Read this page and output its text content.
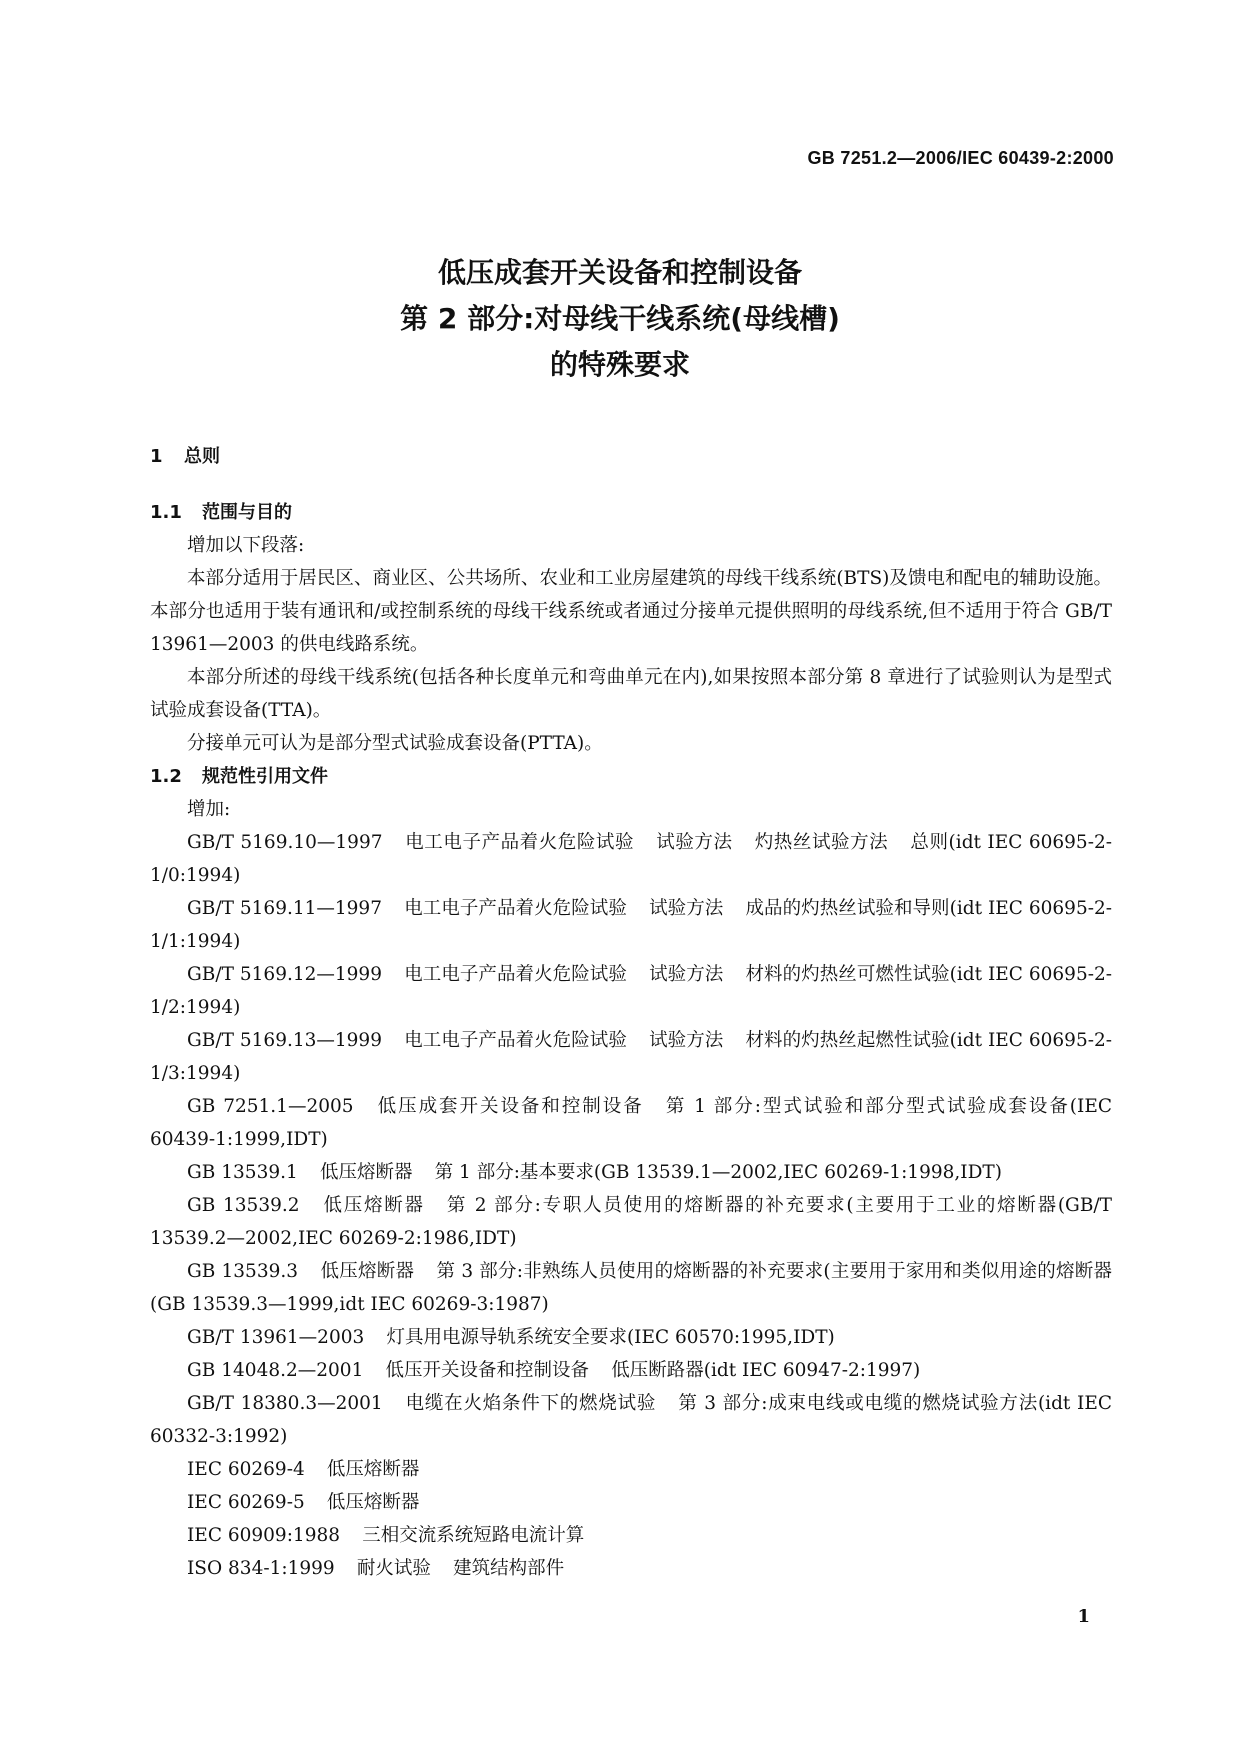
GB 7251.2—2006/IEC 60439-2:2000
低压成套开关设备和控制设备
第 2 部分:对母线干线系统(母线槽)
的特殊要求
1 总则
1.1 范围与目的

增加以下段落:

本部分适用于居民区、商业区、公共场所、农业和工业房屋建筑的母线干线系统(BTS)及馈电和配电的辅助设施。本部分也适用于装有通讯和/或控制系统的母线干线系统或者通过分接单元提供照明的母线系统,但不适用于符合 GB/T 13961—2003 的供电线路系统。

本部分所述的母线干线系统(包括各种长度单元和弯曲单元在内),如果按照本部分第 8 章进行了试验则认为是型式试验成套设备(TTA)。

分接单元可认为是部分型式试验成套设备(PTTA)。

1.2 规范性引用文件

增加:

GB/T 5169.10—1997 电工电子产品着火危险试验 试验方法 灼热丝试验方法 总则(idt IEC 60695-2-1/0:1994)

GB/T 5169.11—1997 电工电子产品着火危险试验 试验方法 成品的灼热丝试验和导则(idt IEC 60695-2-1/1:1994)

GB/T 5169.12—1999 电工电子产品着火危险试验 试验方法 材料的灼热丝可燃性试验(idt IEC 60695-2-1/2:1994)

GB/T 5169.13—1999 电工电子产品着火危险试验 试验方法 材料的灼热丝起燃性试验(idt IEC 60695-2-1/3:1994)

GB 7251.1—2005 低压成套开关设备和控制设备 第 1 部分:型式试验和部分型式试验成套设备(IEC 60439-1:1999,IDT)

GB 13539.1 低压熔断器 第 1 部分:基本要求(GB 13539.1—2002,IEC 60269-1:1998,IDT)

GB 13539.2 低压熔断器 第 2 部分:专职人员使用的熔断器的补充要求(主要用于工业的熔断器(GB/T 13539.2—2002,IEC 60269-2:1986,IDT)

GB 13539.3 低压熔断器 第 3 部分:非熟练人员使用的熔断器的补充要求(主要用于家用和类似用途的熔断器(GB 13539.3—1999,idt IEC 60269-3:1987)

GB/T 13961—2003 灯具用电源导轨系统安全要求(IEC 60570:1995,IDT)

GB 14048.2—2001 低压开关设备和控制设备 低压断路器(idt IEC 60947-2:1997)

GB/T 18380.3—2001 电缆在火焰条件下的燃烧试验 第 3 部分:成束电线或电缆的燃烧试验方法(idt IEC 60332-3:1992)

IEC 60269-4 低压熔断器

IEC 60269-5 低压熔断器

IEC 60909:1988 三相交流系统短路电流计算

ISO 834-1:1999 耐火试验 建筑结构部件

1
